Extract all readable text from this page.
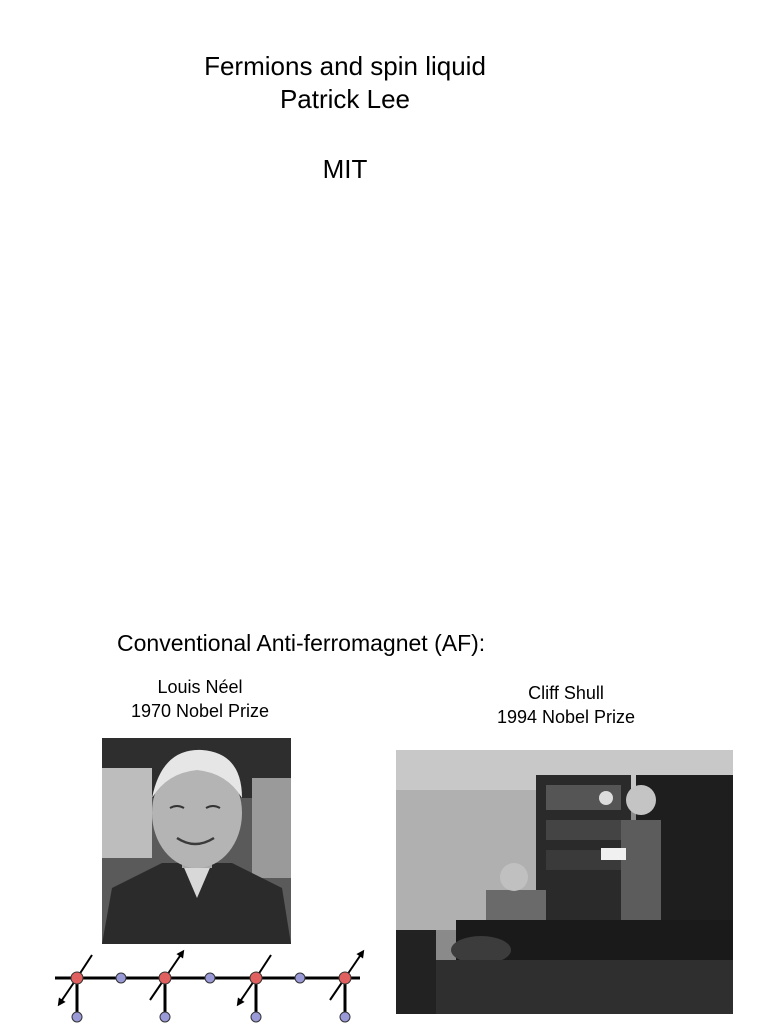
Fermions and spin liquid
Patrick Lee
MIT
Conventional Anti-ferromagnet (AF):
Louis Néel
1970 Nobel Prize
Cliff Shull
1994 Nobel Prize
